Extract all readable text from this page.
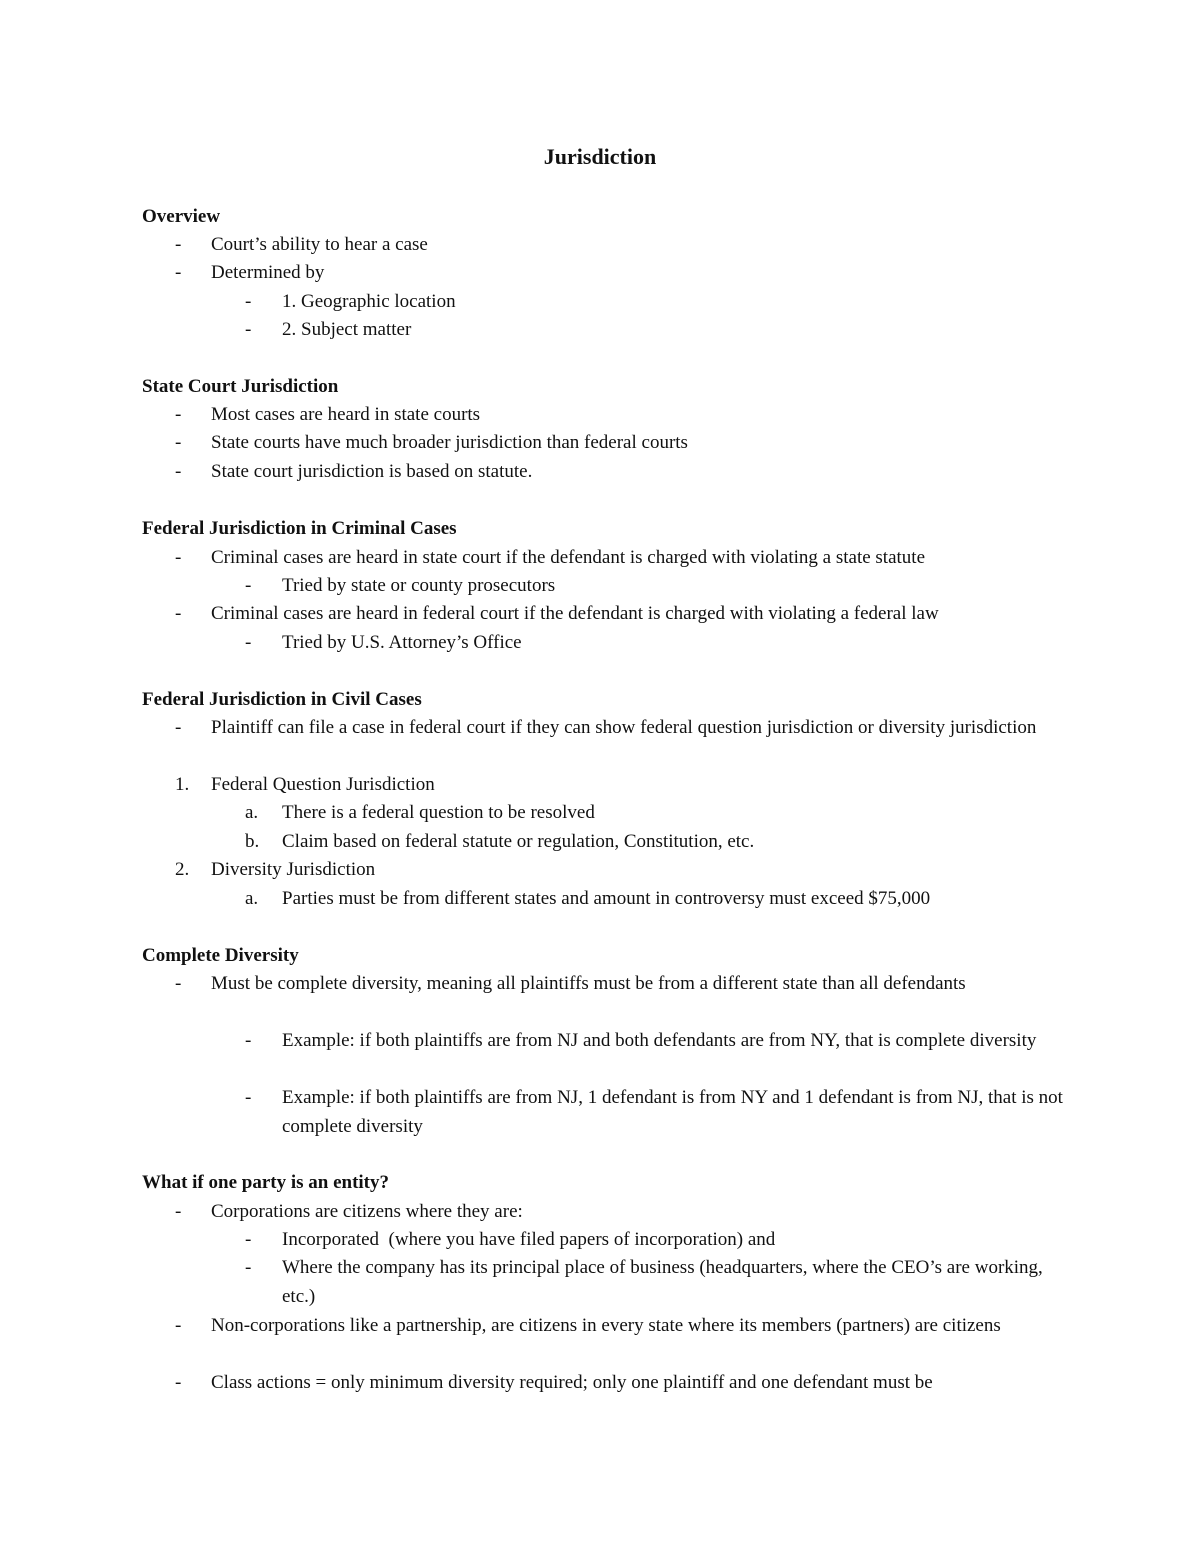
Jurisdiction
Overview
- Court’s ability to hear a case
- Determined by
- 1. Geographic location
- 2. Subject matter
State Court Jurisdiction
- Most cases are heard in state courts
- State courts have much broader jurisdiction than federal courts
- State court jurisdiction is based on statute.
Federal Jurisdiction in Criminal Cases
- Criminal cases are heard in state court if the defendant is charged with violating a state statute
- Tried by state or county prosecutors
- Criminal cases are heard in federal court if the defendant is charged with violating a federal law
- Tried by U.S. Attorney’s Office
Federal Jurisdiction in Civil Cases
- Plaintiff can file a case in federal court if they can show federal question jurisdiction or diversity jurisdiction
1. Federal Question Jurisdiction
a. There is a federal question to be resolved
b. Claim based on federal statute or regulation, Constitution, etc.
2. Diversity Jurisdiction
a. Parties must be from different states and amount in controversy must exceed $75,000
Complete Diversity
- Must be complete diversity, meaning all plaintiffs must be from a different state than all defendants
- Example: if both plaintiffs are from NJ and both defendants are from NY, that is complete diversity
- Example: if both plaintiffs are from NJ, 1 defendant is from NY and 1 defendant is from NJ, that is not complete diversity
What if one party is an entity?
- Corporations are citizens where they are:
- Incorporated  (where you have filed papers of incorporation) and
- Where the company has its principal place of business (headquarters, where the CEO’s are working, etc.)
- Non-corporations like a partnership, are citizens in every state where its members (partners) are citizens
- Class actions = only minimum diversity required; only one plaintiff and one defendant must be
